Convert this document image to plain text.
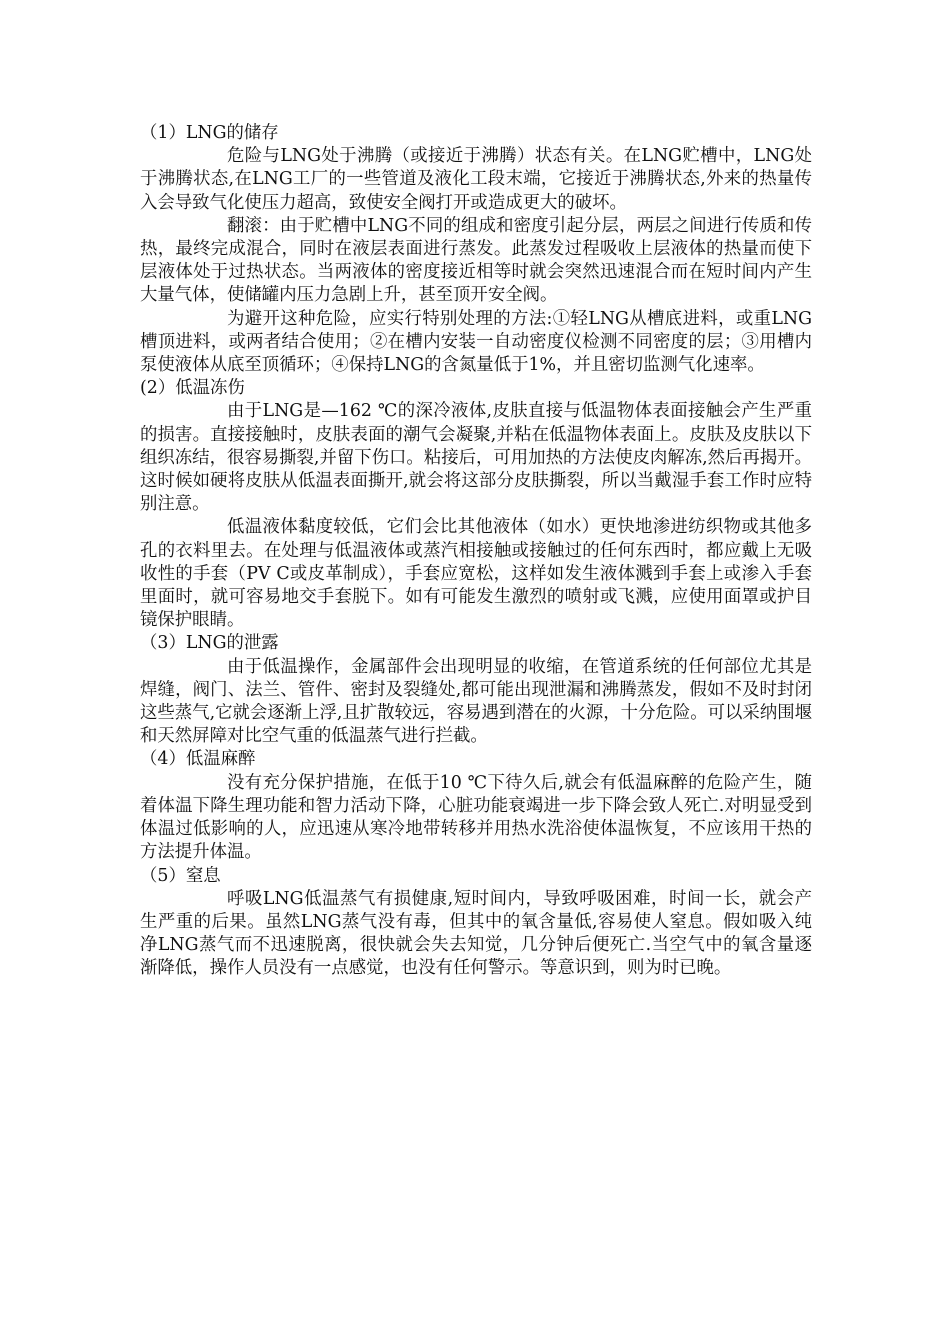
（1）LNG的储存

危险与LNG处于沸腾（或接近于沸腾）状态有关。在LNG贮槽中，LNG处于沸腾状态,在LNG工厂的一些管道及液化工段末端，它接近于沸腾状态,外来的热量传入会导致气化使压力超高，致使安全阀打开或造成更大的破坏。

翻滚：由于贮槽中LNG不同的组成和密度引起分层，两层之间进行传质和传热，最终完成混合，同时在液层表面进行蒸发。此蒸发过程吸收上层液体的热量而使下层液体处于过热状态。当两液体的密度接近相等时就会突然迅速混合而在短时间内产生大量气体，使储罐内压力急剧上升，甚至顶开安全阀。

为避开这种危险，应实行特别处理的方法:①轻LNG从槽底进料，或重LNG槽顶进料，或两者结合使用；②在槽内安装一自动密度仪检测不同密度的层；③用槽内泵使液体从底至顶循环；④保持LNG的含氮量低于1%，并且密切监测气化速率。

(2）低温冻伤

由于LNG是—162 ℃的深冷液体,皮肤直接与低温物体表面接触会产生严重的损害。直接接触时，皮肤表面的潮气会凝聚,并粘在低温物体表面上。皮肤及皮肤以下组织冻结，很容易撕裂,并留下伤口。粘接后，可用加热的方法使皮肉解冻,然后再揭开。这时候如硬将皮肤从低温表面撕开,就会将这部分皮肤撕裂，所以当戴湿手套工作时应特别注意。

低温液体黏度较低，它们会比其他液体（如水）更快地渗进纺织物或其他多孔的衣料里去。在处理与低温液体或蒸汽相接触或接触过的任何东西时，都应戴上无吸收性的手套（PV C或皮革制成），手套应宽松，这样如发生液体溅到手套上或渗入手套里面时，就可容易地交手套脱下。如有可能发生激烈的喷射或飞溅，应使用面罩或护目镜保护眼睛。

（3）LNG的泄露

由于低温操作，金属部件会出现明显的收缩，在管道系统的任何部位尤其是焊缝，阀门、法兰、管件、密封及裂缝处,都可能出现泄漏和沸腾蒸发，假如不及时封闭这些蒸气,它就会逐渐上浮,且扩散较远，容易遇到潜在的火源，十分危险。可以采纳围堰和天然屏障对比空气重的低温蒸气进行拦截。

（4）低温麻醉

没有充分保护措施，在低于10 ℃下待久后,就会有低温麻醉的危险产生，随着体温下降生理功能和智力活动下降，心脏功能衰竭进一步下降会致人死亡.对明显受到体温过低影响的人，应迅速从寒冷地带转移并用热水洗浴使体温恢复，不应该用干热的方法提升体温。

（5）窒息

呼吸LNG低温蒸气有损健康,短时间内，导致呼吸困难，时间一长，就会产生严重的后果。虽然LNG蒸气没有毒，但其中的氧含量低,容易使人窒息。假如吸入纯净LNG蒸气而不迅速脱离，很快就会失去知觉，几分钟后便死亡.当空气中的氧含量逐渐降低，操作人员没有一点感觉，也没有任何警示。等意识到，则为时已晚。
